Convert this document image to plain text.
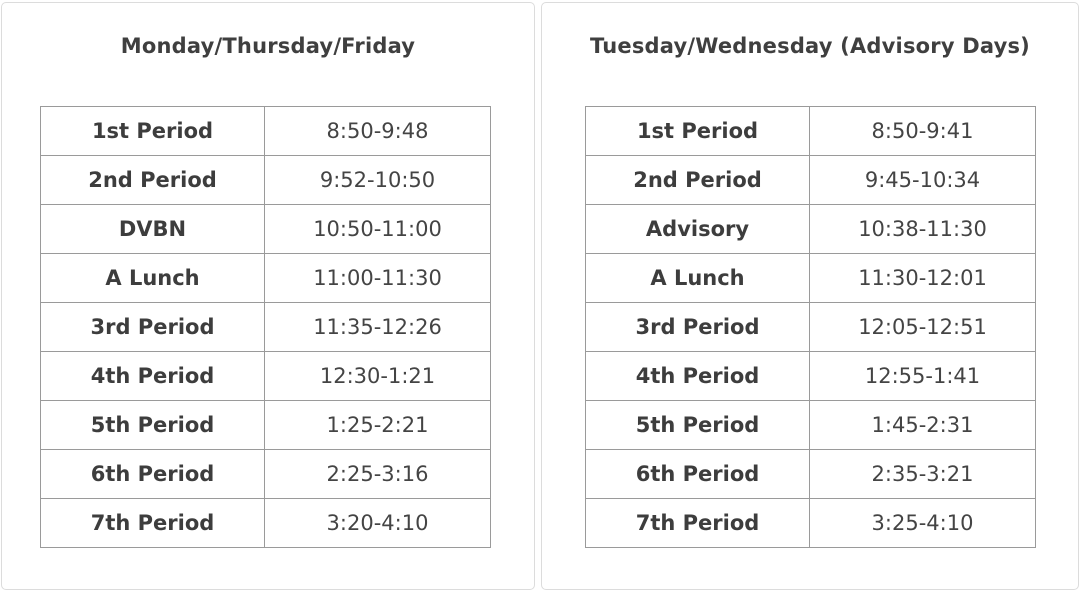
Monday/Thursday/Friday
1st Period	8:50-9:48
2nd Period	9:52-10:50
DVBN	10:50-11:00
A Lunch	11:00-11:30
3rd Period	11:35-12:26
4th Period	12:30-1:21
5th Period	1:25-2:21
6th Period	2:25-3:16
7th Period	3:20-4:10
Tuesday/Wednesday (Advisory Days)
1st Period	8:50-9:41
2nd Period	9:45-10:34
Advisory	10:38-11:30
A Lunch	11:30-12:01
3rd Period	12:05-12:51
4th Period	12:55-1:41
5th Period	1:45-2:31
6th Period	2:35-3:21
7th Period	3:25-4:10
